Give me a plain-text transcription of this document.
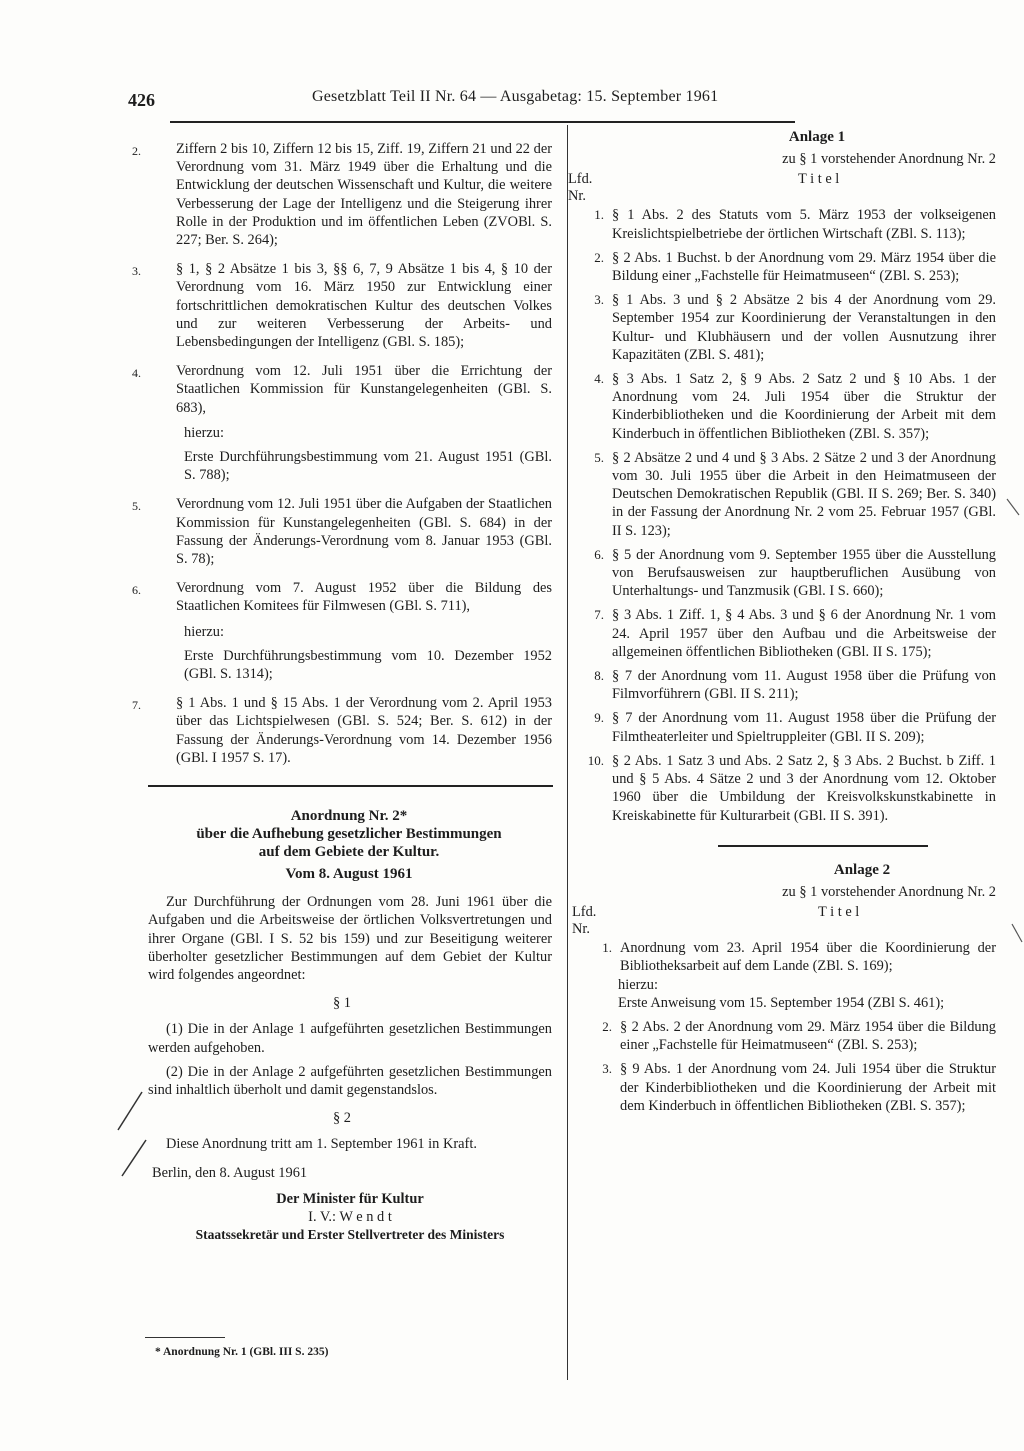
426	Gesetzblatt Teil II Nr. 64 — Ausgabetag: 15. September 1961
2.	Ziffern 2 bis 10, Ziffern 12 bis 15, Ziff. 19, Ziffern 21 und 22 der Verordnung vom 31. März 1949 über die Erhaltung und die Entwicklung der deutschen Wissenschaft und Kultur, die weitere Verbesserung der Lage der Intelligenz und die Steigerung ihrer Rolle in der Produktion und im öffentlichen Leben (ZVOBl. S. 227; Ber. S. 264);
3.	§ 1, § 2 Absätze 1 bis 3, §§ 6, 7, 9 Absätze 1 bis 4, § 10 der Verordnung vom 16. März 1950 zur Entwicklung einer fortschrittlichen demokratischen Kultur des deutschen Volkes und zur weiteren Verbesserung der Arbeits- und Lebensbedingungen der Intelligenz (GBl. S. 185);
4.	Verordnung vom 12. Juli 1951 über die Errichtung der Staatlichen Kommission für Kunstangelegenheiten (GBl. S. 683),
hierzu:
Erste Durchführungsbestimmung vom 21. August 1951 (GBl. S. 788);
5.	Verordnung vom 12. Juli 1951 über die Aufgaben der Staatlichen Kommission für Kunstangelegenheiten (GBl. S. 684) in der Fassung der Änderungs-Verordnung vom 8. Januar 1953 (GBl. S. 78);
6.	Verordnung vom 7. August 1952 über die Bildung des Staatlichen Komitees für Filmwesen (GBl. S. 711),
hierzu:
Erste Durchführungsbestimmung vom 10. Dezember 1952 (GBl. S. 1314);
7.	§ 1 Abs. 1 und § 15 Abs. 1 der Verordnung vom 2. April 1953 über das Lichtspielwesen (GBl. S. 524; Ber. S. 612) in der Fassung der Änderungs-Verordnung vom 14. Dezember 1956 (GBl. I 1957 S. 17).
Anordnung Nr. 2*
über die Aufhebung gesetzlicher Bestimmungen
auf dem Gebiete der Kultur.
Vom 8. August 1961
Zur Durchführung der Ordnungen vom 28. Juni 1961 über die Aufgaben und die Arbeitsweise der örtlichen Volksvertretungen und ihrer Organe (GBl. I S. 52 bis 159) und zur Beseitigung weiterer überholter gesetzlicher Bestimmungen auf dem Gebiet der Kultur wird folgendes angeordnet:
§ 1
(1) Die in der Anlage 1 aufgeführten gesetzlichen Bestimmungen werden aufgehoben.
(2) Die in der Anlage 2 aufgeführten gesetzlichen Bestimmungen sind inhaltlich überholt und damit gegenstandslos.
§ 2
Diese Anordnung tritt am 1. September 1961 in Kraft.
Berlin, den 8. August 1961
Der Minister für Kultur
I. V.: W e n d t
Staatssekretär und Erster Stellvertreter des Ministers
* Anordnung Nr. 1 (GBl. III S. 235)
Anlage 1
zu § 1 vorstehender Anordnung Nr. 2
Lfd.
Nr.
T i t e l
1. § 1 Abs. 2 des Statuts vom 5. März 1953 der volkseigenen Kreislichtspielbetriebe der örtlichen Wirtschaft (ZBl. S. 113);
2. § 2 Abs. 1 Buchst. b der Anordnung vom 29. März 1954 über die Bildung einer „Fachstelle für Heimatmuseen“ (ZBl. S. 253);
3. § 1 Abs. 3 und § 2 Absätze 2 bis 4 der Anordnung vom 29. September 1954 zur Koordinierung der Veranstaltungen in den Kultur- und Klubhäusern und der vollen Ausnutzung ihrer Kapazitäten (ZBl. S. 481);
4. § 3 Abs. 1 Satz 2, § 9 Abs. 2 Satz 2 und § 10 Abs. 1 der Anordnung vom 24. Juli 1954 über die Struktur der Kinderbibliotheken und die Koordinierung der Arbeit mit dem Kinderbuch in öffentlichen Bibliotheken (ZBl. S. 357);
5. § 2 Absätze 2 und 4 und § 3 Abs. 2 Sätze 2 und 3 der Anordnung vom 30. Juli 1955 über die Arbeit in den Heimatmuseen der Deutschen Demokratischen Republik (GBl. II S. 269; Ber. S. 340) in der Fassung der Anordnung Nr. 2 vom 25. Februar 1957 (GBl. II S. 123);
6. § 5 der Anordnung vom 9. September 1955 über die Ausstellung von Berufsausweisen zur hauptberuflichen Ausübung von Unterhaltungs- und Tanzmusik (GBl. I S. 660);
7. § 3 Abs. 1 Ziff. 1, § 4 Abs. 3 und § 6 der Anordnung Nr. 1 vom 24. April 1957 über den Aufbau und die Arbeitsweise der allgemeinen öffentlichen Bibliotheken (GBl. II S. 175);
8. § 7 der Anordnung vom 11. August 1958 über die Prüfung von Filmvorführern (GBl. II S. 211);
9. § 7 der Anordnung vom 11. August 1958 über die Prüfung der Filmtheaterleiter und Spieltruppleiter (GBl. II S. 209);
10. § 2 Abs. 1 Satz 3 und Abs. 2 Satz 2, § 3 Abs. 2 Buchst. b Ziff. 1 und § 5 Abs. 4 Sätze 2 und 3 der Anordnung vom 12. Oktober 1960 über die Umbildung der Kreisvolkskunstkabinette in Kreiskabinette für Kulturarbeit (GBl. II S. 391).
Anlage 2
zu § 1 vorstehender Anordnung Nr. 2
Lfd.
Nr.
T i t e l
1. Anordnung vom 23. April 1954 über die Koordinierung der Bibliotheksarbeit auf dem Lande (ZBl. S. 169);
hierzu:
Erste Anweisung vom 15. September 1954 (ZBl S. 461);
2. § 2 Abs. 2 der Anordnung vom 29. März 1954 über die Bildung einer „Fachstelle für Heimatmuseen“ (ZBl. S. 253);
3. § 9 Abs. 1 der Anordnung vom 24. Juli 1954 über die Struktur der Kinderbibliotheken und die Koordinierung der Arbeit mit dem Kinderbuch in öffentlichen Bibliotheken (ZBl. S. 357);
